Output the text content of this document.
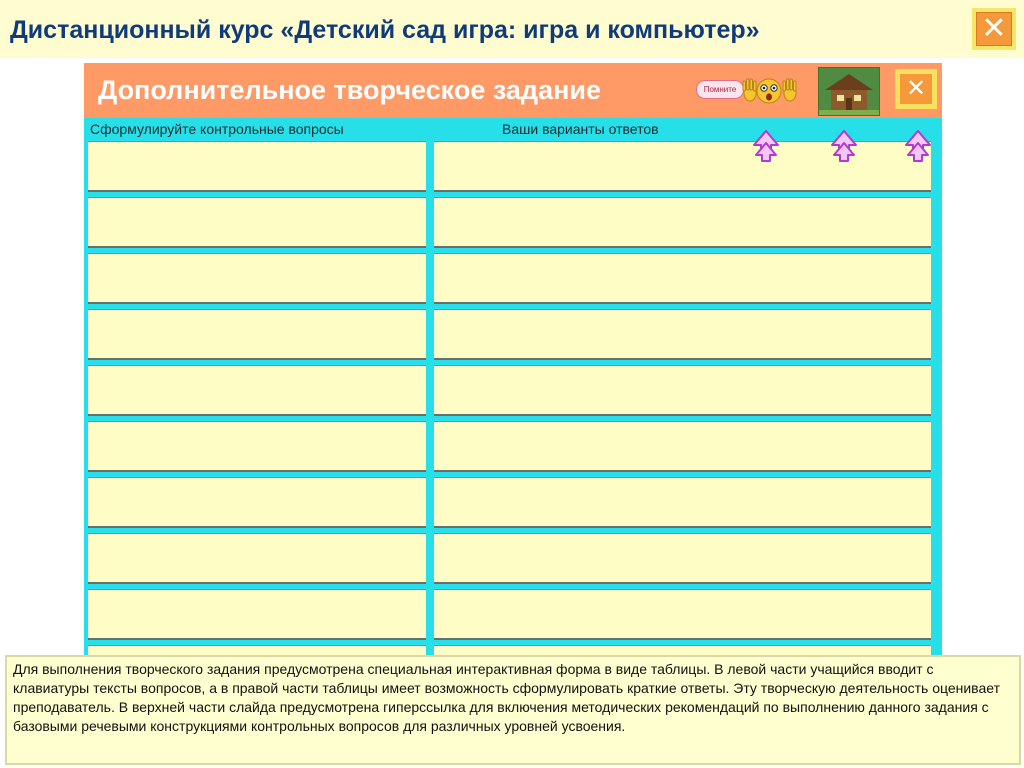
Дистанционный курс «Детский сад игра: игра и компьютер»	✕
Дополнительное творческое задание	Помните	✕
Сформулируйте контрольные вопросы	Ваши варианты ответов
Для выполнения творческого задания предусмотрена специальная интерактивная форма в виде таблицы. В левой части учащийся вводит с клавиатуры тексты вопросов, а в правой части таблицы имеет возможность сформулировать краткие ответы. Эту творческую деятельность оценивает преподаватель. В верхней части слайда предусмотрена гиперссылка для включения методических рекомендаций по выполнению данного задания с базовыми речевыми конструкциями контрольных вопросов для различных уровней усвоения.
